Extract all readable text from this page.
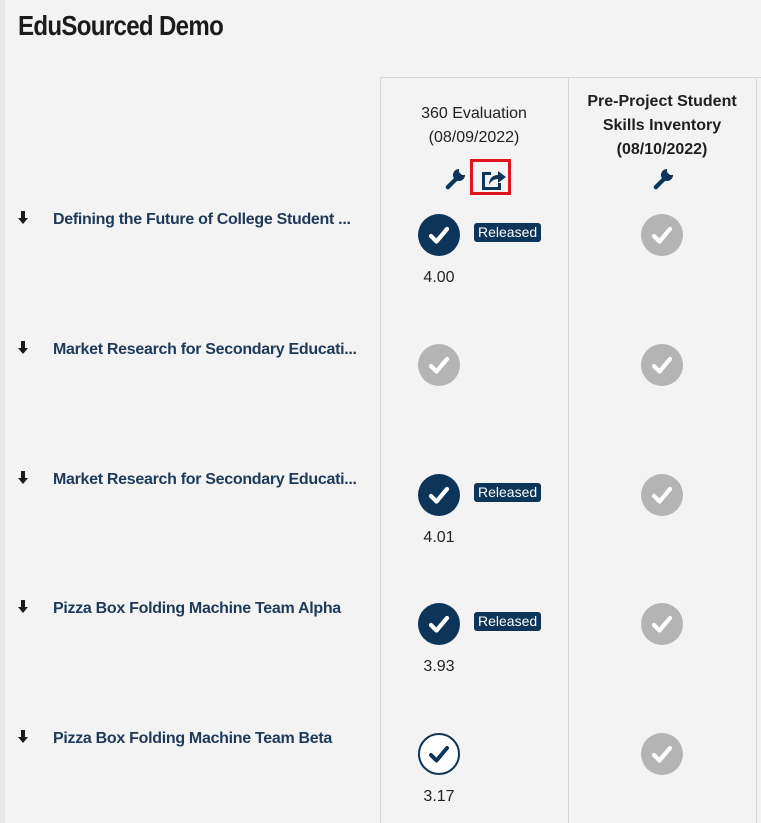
EduSourced Demo
360 Evaluation
(08/09/2022)
Pre-Project Student
Skills Inventory
(08/10/2022)
Defining the Future of College Student ...
Released
4.00
Market Research for Secondary Educati...
Market Research for Secondary Educati...
Released
4.01
Pizza Box Folding Machine Team Alpha
Released
3.93
Pizza Box Folding Machine Team Beta
3.17
